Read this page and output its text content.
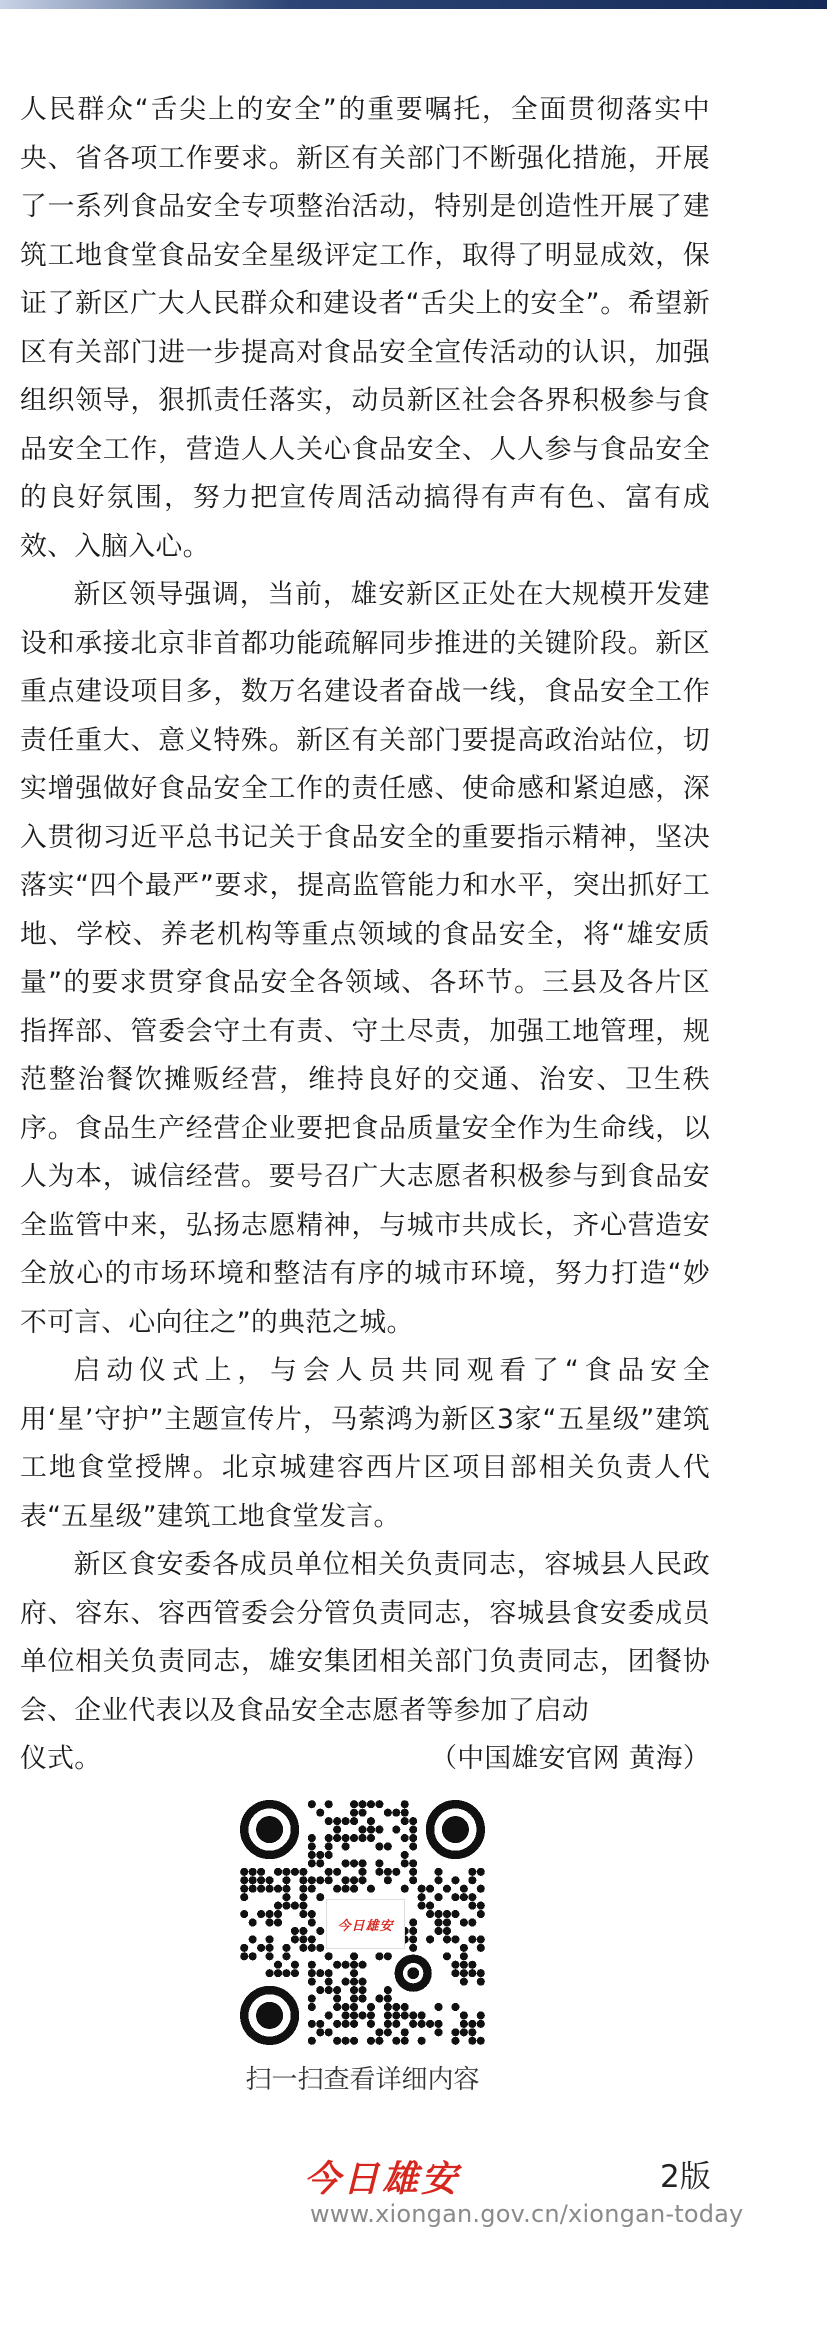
人民群众“舌尖上的安全”的重要嘱托，全面贯彻落实中央、省各项工作要求。新区有关部门不断强化措施，开展了一系列食品安全专项整治活动，特别是创造性开展了建筑工地食堂食品安全星级评定工作，取得了明显成效，保证了新区广大人民群众和建设者“舌尖上的安全”。希望新区有关部门进一步提高对食品安全宣传活动的认识，加强组织领导，狠抓责任落实，动员新区社会各界积极参与食品安全工作，营造人人关心食品安全、人人参与食品安全的良好氛围，努力把宣传周活动搞得有声有色、富有成效、入脑入心。

新区领导强调，当前，雄安新区正处在大规模开发建设和承接北京非首都功能疏解同步推进的关键阶段。新区重点建设项目多，数万名建设者奋战一线，食品安全工作责任重大、意义特殊。新区有关部门要提高政治站位，切实增强做好食品安全工作的责任感、使命感和紧迫感，深入贯彻习近平总书记关于食品安全的重要指示精神，坚决落实“四个最严”要求，提高监管能力和水平，突出抓好工地、学校、养老机构等重点领域的食品安全，将“雄安质量”的要求贯穿食品安全各领域、各环节。三县及各片区指挥部、管委会守土有责、守土尽责，加强工地管理，规范整治餐饮摊贩经营，维持良好的交通、治安、卫生秩序。食品生产经营企业要把食品质量安全作为生命线，以人为本，诚信经营。要号召广大志愿者积极参与到食品安全监管中来，弘扬志愿精神，与城市共成长，齐心营造安全放心的市场环境和整洁有序的城市环境，努力打造“妙不可言、心向往之”的典范之城。

启动仪式上，与会人员共同观看了“食品安全　用‘星’守护”主题宣传片，马萦鸿为新区3家“五星级”建筑工地食堂授牌。北京城建容西片区项目部相关负责人代表“五星级”建筑工地食堂发言。

新区食安委各成员单位相关负责同志，容城县人民政府、容东、容西管委会分管负责同志，容城县食安委成员单位相关负责同志，雄安集团相关部门负责同志，团餐协会、企业代表以及食品安全志愿者等参加了启动

仪式。	（中国雄安官网 黄海）

今日雄安
扫一扫查看详细内容
今日雄安	2版
www.xiongan.gov.cn/xiongan-today
